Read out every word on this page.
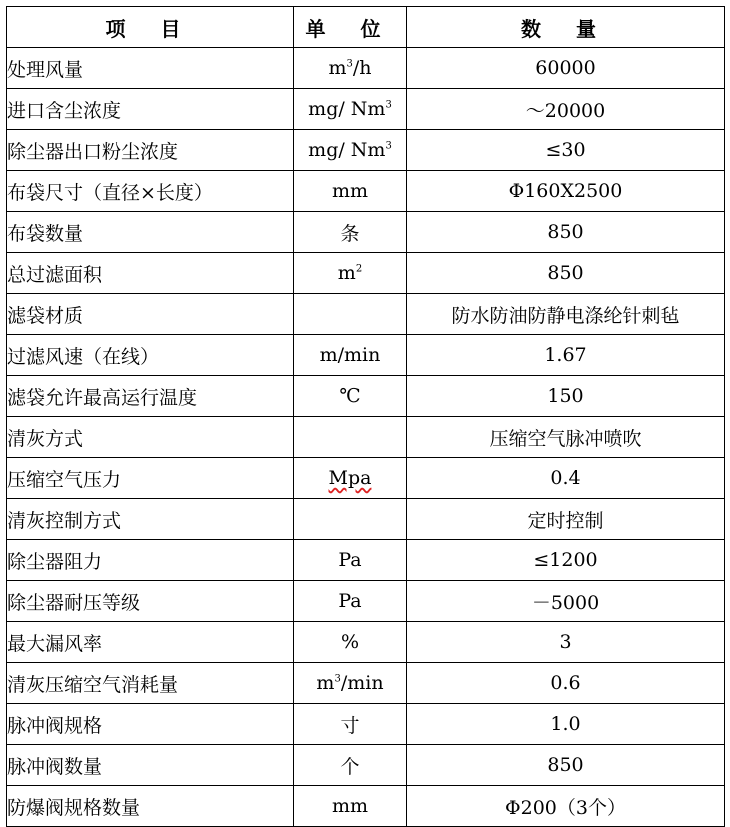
项 目	单 位	数 量
处理风量	$m^3/h$	60000
进口含尘浓度	mg/ Nm$^3$	～20000
除尘器出口粉尘浓度	mg/ $Nm^3$	≤30
布袋尺寸（直径×长度）	mm	Φ160X2500
布袋数量	条	850
总过滤面积	$m^2$	850
滤袋材质		防水防油防静电涤纶针刺毡
过滤风速（在线）	m/min	1.67
滤袋允许最高运行温度	℃	150
清灰方式		压缩空气脉冲喷吹
压缩空气压力	Mpa	0.4
清灰控制方式		定时控制
除尘器阻力	Pa	≤1200
除尘器耐压等级	Pa	－5000
最大漏风率	%	3
清灰压缩空气消耗量	$m^3/\min$	0.6
脉冲阀规格	寸	1.0
脉冲阀数量	个	850
防爆阀规格数量	mm	Φ200（3个）
